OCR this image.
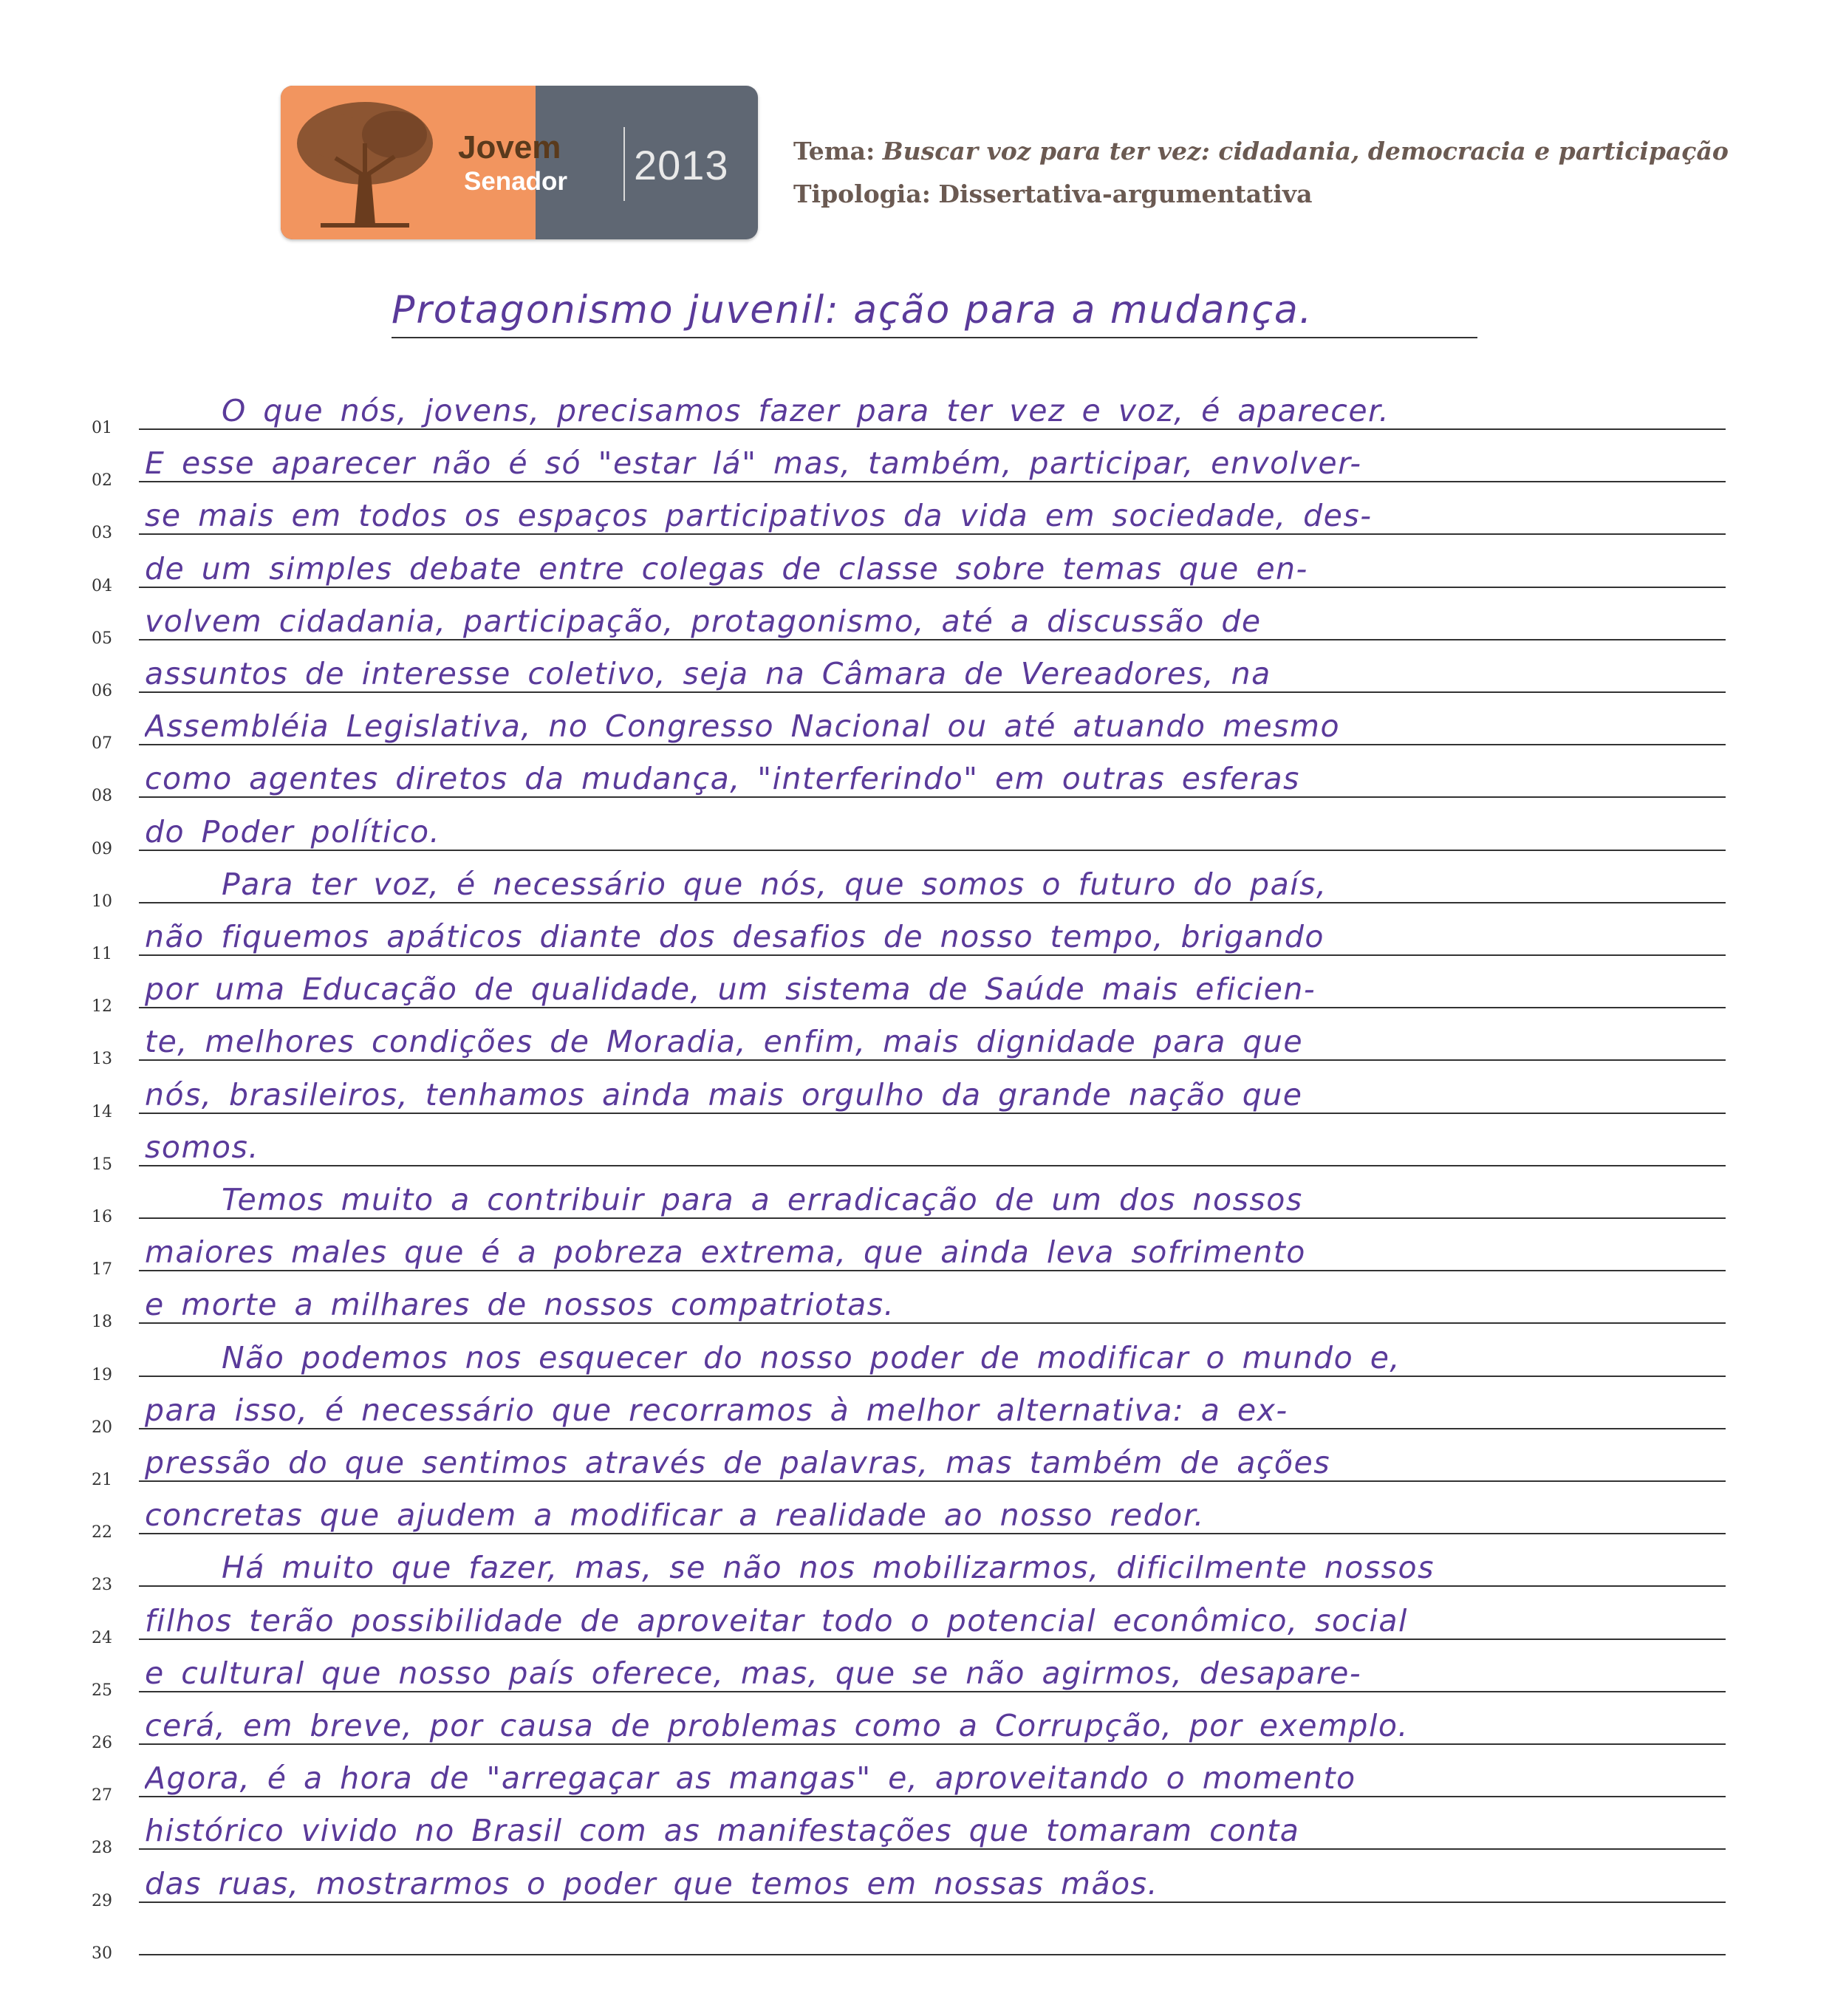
Jovem
Senador 2013	Tema: Buscar voz para ter vez: cidadania, democracia e participação
Tipologia: Dissertativa-argumentativa
Protagonismo juvenil: ação para a mudança.
01	O que nós, jovens, precisamos fazer para ter vez e voz, é aparecer.
02	E esse aparecer não é só "estar lá" mas, também, participar, envolver-
03	se mais em todos os espaços participativos da vida em sociedade, des-
04	de um simples debate entre colegas de classe sobre temas que en-
05	volvem cidadania, participação, protagonismo, até a discussão de
06	assuntos de interesse coletivo, seja na Câmara de Vereadores, na
07	Assembléia Legislativa, no Congresso Nacional ou até atuando mesmo
08	como agentes diretos da mudança, "interferindo" em outras esferas
09	do Poder político.
10	Para ter voz, é necessário que nós, que somos o futuro do país,
11	não fiquemos apáticos diante dos desafios de nosso tempo, brigando
12	por uma Educação de qualidade, um sistema de Saúde mais eficien-
13	te, melhores condições de Moradia, enfim, mais dignidade para que
14	nós, brasileiros, tenhamos ainda mais orgulho da grande nação que
15	somos.
16	Temos muito a contribuir para a erradicação de um dos nossos
17	maiores males que é a pobreza extrema, que ainda leva sofrimento
18	e morte a milhares de nossos compatriotas.
19	Não podemos nos esquecer do nosso poder de modificar o mundo e,
20	para isso, é necessário que recorramos à melhor alternativa: a ex-
21	pressão do que sentimos através de palavras, mas também de ações
22	concretas que ajudem a modificar a realidade ao nosso redor.
23	Há muito que fazer, mas, se não nos mobilizarmos, dificilmente nossos
24	filhos terão possibilidade de aproveitar todo o potencial econômico, social
25	e cultural que nosso país oferece, mas, que se não agirmos, desapare-
26	cerá, em breve, por causa de problemas como a Corrupção, por exemplo.
27	Agora, é a hora de "arregaçar as mangas" e, aproveitando o momento
28	histórico vivido no Brasil com as manifestações que tomaram conta
29	das ruas, mostrarmos o poder que temos em nossas mãos.
30
